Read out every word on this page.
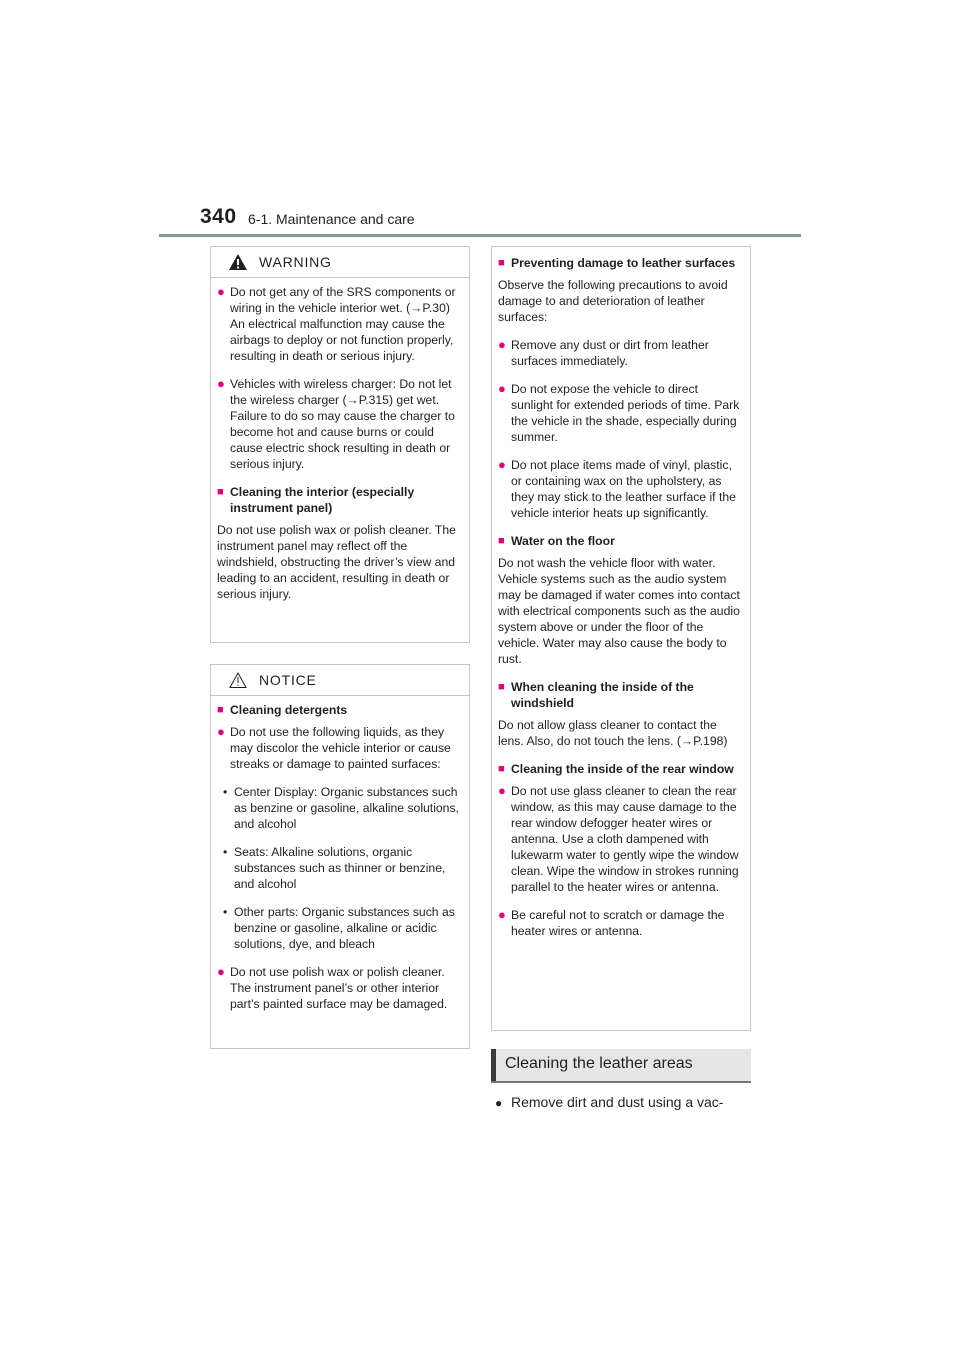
340 6-1. Maintenance and care
WARNING
● Do not get any of the SRS components or wiring in the vehicle interior wet. (→P.30) An electrical malfunction may cause the airbags to deploy or not function properly, resulting in death or serious injury.
● Vehicles with wireless charger: Do not let the wireless charger (→P.315) get wet. Failure to do so may cause the charger to become hot and cause burns or could cause electric shock resulting in death or serious injury.
■ Cleaning the interior (especially instrument panel)

Do not use polish wax or polish cleaner. The instrument panel may reflect off the windshield, obstructing the driver’s view and leading to an accident, resulting in death or serious injury.

NOTICE
■ Cleaning detergents
● Do not use the following liquids, as they may discolor the vehicle interior or cause streaks or damage to painted surfaces:
• Center Display: Organic substances such as benzine or gasoline, alkaline solutions, and alcohol
• Seats: Alkaline solutions, organic substances such as thinner or benzine, and alcohol
• Other parts: Organic substances such as benzine or gasoline, alkaline or acidic solutions, dye, and bleach
● Do not use polish wax or polish cleaner. The instrument panel’s or other interior part’s painted surface may be damaged.
■ Preventing damage to leather surfaces

Observe the following precautions to avoid damage to and deterioration of leather surfaces:

● Remove any dust or dirt from leather surfaces immediately.
● Do not expose the vehicle to direct sunlight for extended periods of time. Park the vehicle in the shade, especially during summer.
● Do not place items made of vinyl, plastic, or containing wax on the upholstery, as they may stick to the leather surface if the vehicle interior heats up significantly.
■ Water on the floor

Do not wash the vehicle floor with water. Vehicle systems such as the audio system may be damaged if water comes into contact with electrical components such as the audio system above or under the floor of the vehicle. Water may also cause the body to rust.

■ When cleaning the inside of the windshield

Do not allow glass cleaner to contact the lens. Also, do not touch the lens. (→P.198)

■ Cleaning the inside of the rear window
● Do not use glass cleaner to clean the rear window, as this may cause damage to the rear window defogger heater wires or antenna. Use a cloth dampened with lukewarm water to gently wipe the window clean. Wipe the window in strokes running parallel to the heater wires or antenna.
● Be careful not to scratch or damage the heater wires or antenna.
Cleaning the leather areas
● Remove dirt and dust using a vac-
